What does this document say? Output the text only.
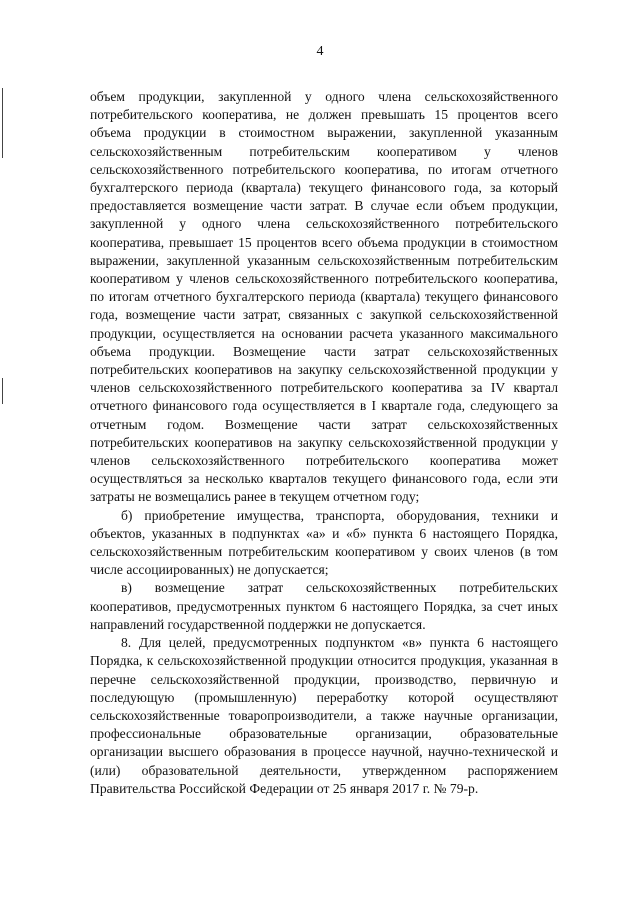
4

объем продукции, закупленной у одного члена сельскохозяйственного потребительского кооператива, не должен превышать 15 процентов всего объема продукции в стоимостном выражении, закупленной указанным сельскохозяйственным потребительским кооперативом у членов сельскохозяйственного потребительского кооператива, по итогам отчетного бухгалтерского периода (квартала) текущего финансового года, за который предоставляется возмещение части затрат. В случае если объем продукции, закупленной у одного члена сельскохозяйственного потребительского кооператива, превышает 15 процентов всего объема продукции в стоимостном выражении, закупленной указанным сельскохозяйственным потребительским кооперативом у членов сельскохозяйственного потребительского кооператива, по итогам отчетного бухгалтерского периода (квартала) текущего финансового года, возмещение части затрат, связанных с закупкой сельскохозяйственной продукции, осуществляется на основании расчета указанного максимального объема продукции. Возмещение части затрат сельскохозяйственных потребительских кооперативов на закупку сельскохозяйственной продукции у членов сельскохозяйственного потребительского кооператива за IV квартал отчетного финансового года осуществляется в I квартале года, следующего за отчетным годом. Возмещение части затрат сельскохозяйственных потребительских кооперативов на закупку сельскохозяйственной продукции у членов сельскохозяйственного потребительского кооператива может осуществляться за несколько кварталов текущего финансового года, если эти затраты не возмещались ранее в текущем отчетном году;

б) приобретение имущества, транспорта, оборудования, техники и объектов, указанных в подпунктах «а» и «б» пункта 6 настоящего Порядка, сельскохозяйственным потребительским кооперативом у своих членов (в том числе ассоциированных) не допускается;

в) возмещение затрат сельскохозяйственных потребительских кооперативов, предусмотренных пунктом 6 настоящего Порядка, за счет иных направлений государственной поддержки не допускается.

8. Для целей, предусмотренных подпунктом «в» пункта 6 настоящего Порядка, к сельскохозяйственной продукции относится продукция, указанная в перечне сельскохозяйственной продукции, производство, первичную и последующую (промышленную) переработку которой осуществляют сельскохозяйственные товаропроизводители, а также научные организации, профессиональные образовательные организации, образовательные организации высшего образования в процессе научной, научно-технической и (или) образовательной деятельности, утвержденном распоряжением Правительства Российской Федерации от 25 января 2017 г. № 79-р.
